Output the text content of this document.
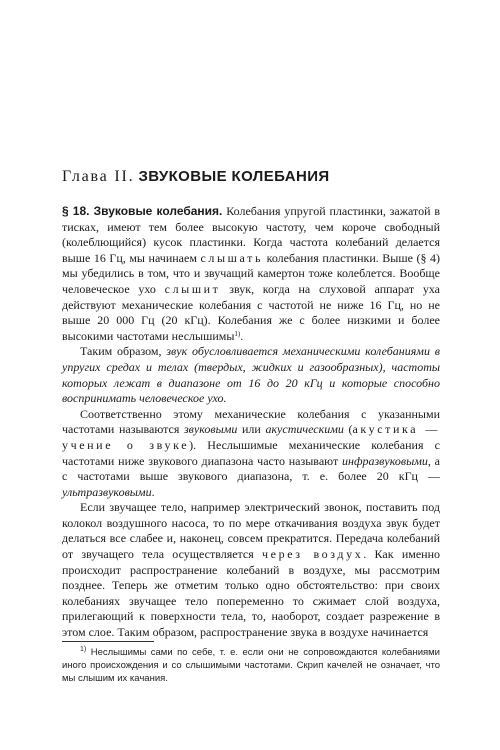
Глава II. ЗВУКОВЫЕ КОЛЕБАНИЯ

§ 18. Звуковые колебания. Колебания упругой пластинки, зажатой в тисках, имеют тем более высокую частоту, чем короче свободный (колеблющийся) кусок пластинки. Когда частота колебаний делается выше 16 Гц, мы начинаем слышать колебания пластинки. Выше (§ 4) мы убедились в том, что и звучащий камертон тоже колеблется. Вообще человеческое ухо слышит звук, когда на слуховой аппарат уха действуют механические колебания с частотой не ниже 16 Гц, но не выше 20 000 Гц (20 кГц). Колебания же с более низкими и более высокими частотами неслышимы$^{1)}$.

Таким образом, звук обусловливается механическими колебаниями в упругих средах и телах (твердых, жидких и газообразных), частоты которых лежат в диапазоне от 16 до 20 кГц и которые способно воспринимать человеческое ухо.

Соответственно этому механические колебания с указанными частотами называются звуковыми или акустическими (акустика — учение о звуке). Неслышимые механические колебания с частотами ниже звукового диапазона часто называют инфразвуковыми, а с частотами выше звукового диапазона, т. е. более 20 кГц — ультразвуковыми.

Если звучащее тело, например электрический звонок, поставить под колокол воздушного насоса, то по мере откачивания воздуха звук будет делаться все слабее и, наконец, совсем прекратится. Передача колебаний от звучащего тела осуществляется через воздух. Как именно происходит распространение колебаний в воздухе, мы рассмотрим позднее. Теперь же отметим только одно обстоятельство: при своих колебаниях звучащее тело попеременно то сжимает слой воздуха, прилегающий к поверхности тела, то, наоборот, создает разрежение в этом слое. Таким образом, распространение звука в воздухе начинается

$^{1)}$ Неслышимы сами по себе, т. е. если они не сопровождаются колебаниями иного происхождения и со слышимыми частотами. Скрип качелей не означает, что мы слышим их качания.
